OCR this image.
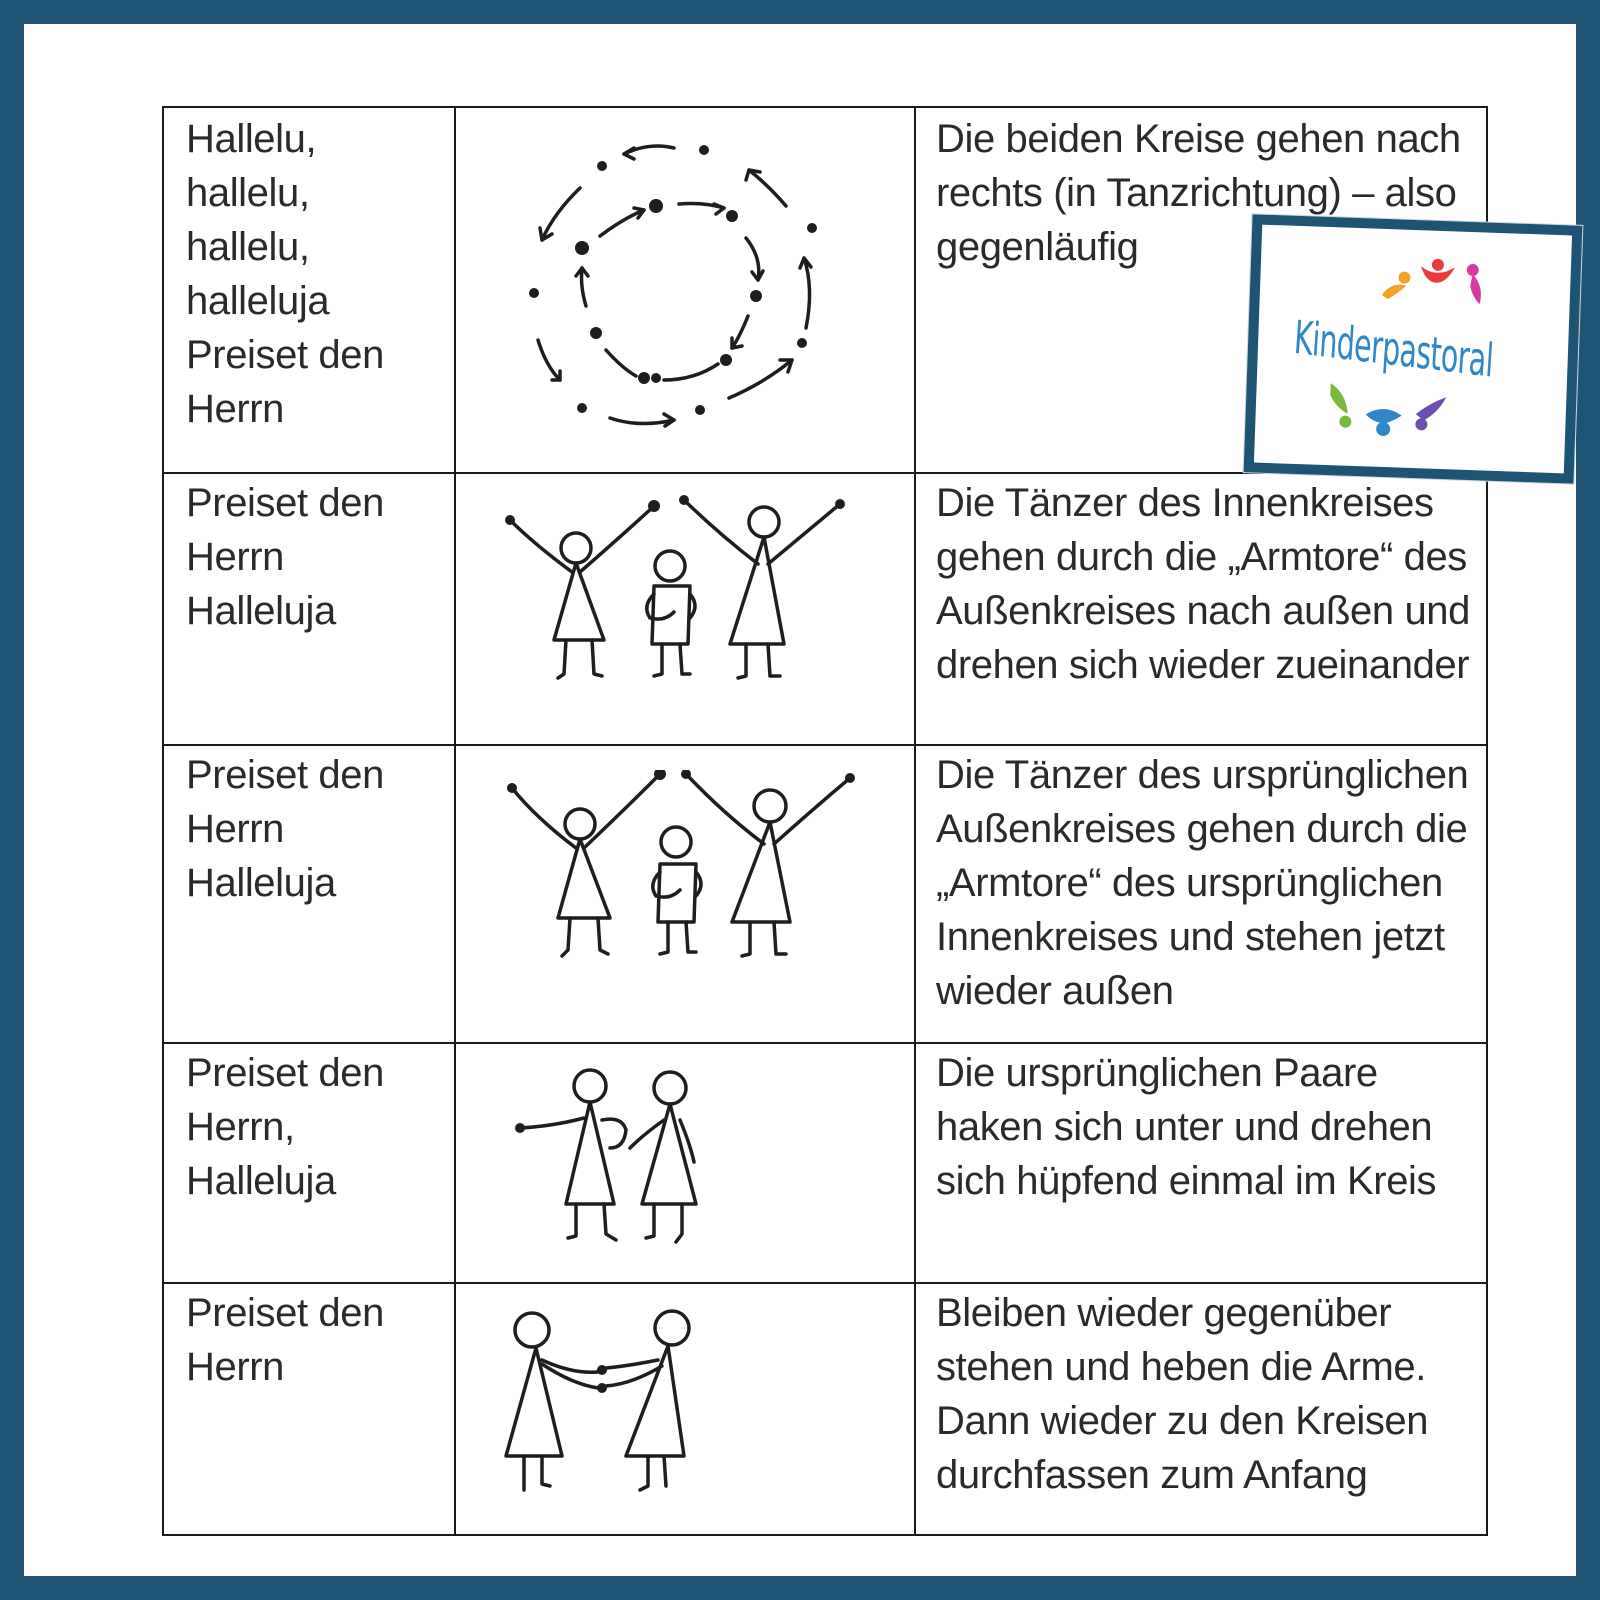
Hallelu,
hallelu,
hallelu,
halleluja
Preiset den
Herrn
Die beiden Kreise gehen nach
rechts (in Tanzrichtung) – also
gegenläufig
Preiset den
Herrn
Halleluja
Die Tänzer des Innenkreises
gehen durch die „Armtore“ des
Außenkreises nach außen und
drehen sich wieder zueinander
Preiset den
Herrn
Halleluja
Die Tänzer des ursprünglichen
Außenkreises gehen durch die
„Armtore“ des ursprünglichen
Innenkreises und stehen jetzt
wieder außen
Preiset den
Herrn,
Halleluja
Die ursprünglichen Paare
haken sich unter und drehen
sich hüpfend einmal im Kreis
Preiset den
Herrn
Bleiben wieder gegenüber
stehen und heben die Arme.
Dann wieder zu den Kreisen
durchfassen zum Anfang
Kinderpastoral
